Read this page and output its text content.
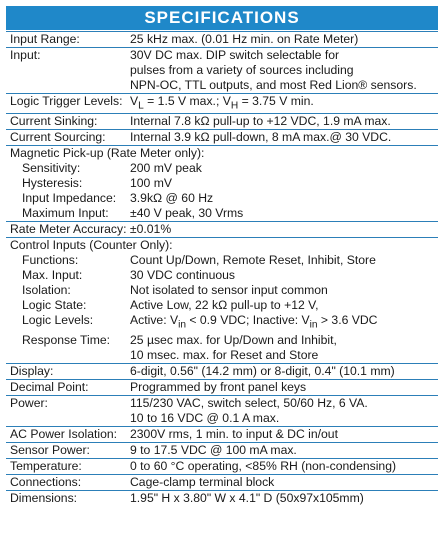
SPECIFICATIONS
Input Range:	25 kHz max. (0.01 Hz min. on Rate Meter)
Input:	30V DC max. DIP switch selectable for
pulses from a variety of sources including
NPN-OC, TTL outputs, and most Red Lion® sensors.

Logic Trigger Levels:	$V_L = 1.5$ V max.; $V_H = 3.75$ V min.
Current Sinking:	Internal 7.8 kΩ pull-up to +12 VDC, 1.9 mA max.
Current Sourcing:	Internal 3.9 kΩ pull-down, 8 mA max.@ 30 VDC.
Magnetic Pick-up (Rate Meter only):	
Sensitivity:	200 mV peak
Hysteresis:	100 mV
Input Impedance:	3.9kΩ @ 60 Hz
Maximum Input:	±40 V peak, 30 Vrms
Rate Meter Accuracy: ±0.01%	
Control Inputs (Counter Only):	
Functions:	Count Up/Down, Remote Reset, Inhibit, Store
Max. Input:	30 VDC continuous
Isolation:	Not isolated to sensor input common
Logic State:	Active Low, 22 kΩ pull-up to +12 V,
Logic Levels:	Active: $V_{in} < 0.9$ VDC; Inactive: $V_{in} > 3.6$ VDC
Response Time:	25 µsec max. for Up/Down and Inhibit,
10 msec. max. for Reset and Store

Display:	6-digit, 0.56" (14.2 mm) or 8-digit, 0.4" (10.1 mm)
Decimal Point:	Programmed by front panel keys
Power:	115/230 VAC, switch select, 50/60 Hz, 6 VA.
10 to 16 VDC @ 0.1 A max.

AC Power Isolation:	2300V rms, 1 min. to input & DC in/out
Sensor Power:	9 to 17.5 VDC @ 100 mA max.
Temperature:	0 to 60 °C operating, <85% RH (non-condensing)
Connections:	Cage-clamp terminal block
Dimensions:	1.95" H x 3.80" W x 4.1" D (50x97x105mm)
